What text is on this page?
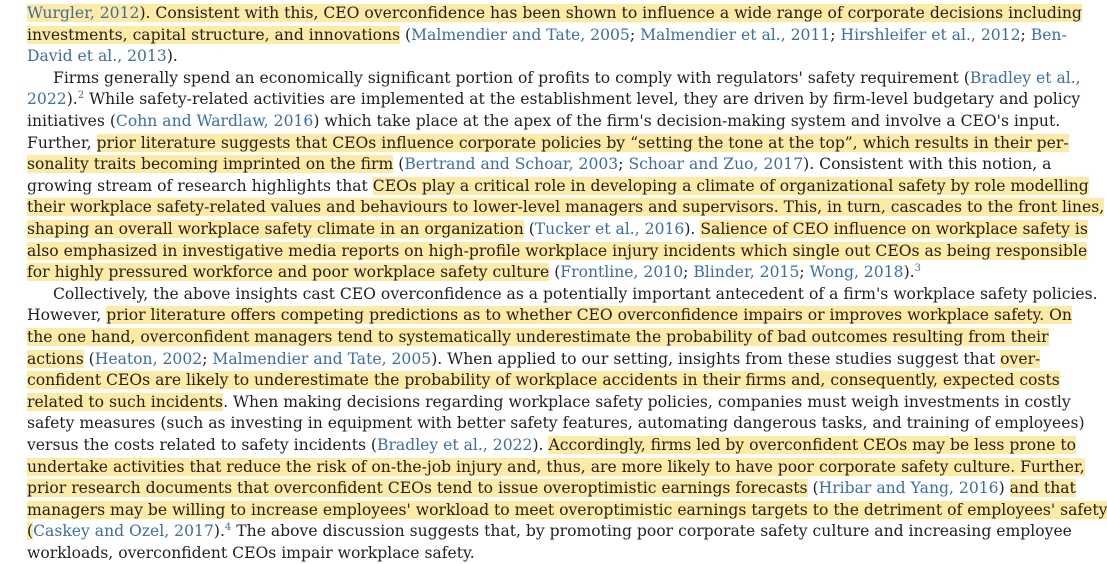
Wurgler, 2012). Consistent with this, CEO overconfidence has been shown to influence a wide range of corporate decisions including
investments, capital structure, and innovations (Malmendier and Tate, 2005; Malmendier et al., 2011; Hirshleifer et al., 2012; Ben-
David et al., 2013).
Firms generally spend an economically significant portion of profits to comply with regulators' safety requirement (Bradley et al.,
2022).$^2$ While safety-related activities are implemented at the establishment level, they are driven by firm-level budgetary and policy
initiatives (Cohn and Wardlaw, 2016) which take place at the apex of the firm's decision-making system and involve a CEO's input.
Further, prior literature suggests that CEOs influence corporate policies by “setting the tone at the top”, which results in their per-
sonality traits becoming imprinted on the firm (Bertrand and Schoar, 2003; Schoar and Zuo, 2017). Consistent with this notion, a
growing stream of research highlights that CEOs play a critical role in developing a climate of organizational safety by role modelling
their workplace safety-related values and behaviours to lower-level managers and supervisors. This, in turn, cascades to the front lines,
shaping an overall workplace safety climate in an organization (Tucker et al., 2016). Salience of CEO influence on workplace safety is
also emphasized in investigative media reports on high-profile workplace injury incidents which single out CEOs as being responsible
for highly pressured workforce and poor workplace safety culture (Frontline, 2010; Blinder, 2015; Wong, 2018).$^3$
Collectively, the above insights cast CEO overconfidence as a potentially important antecedent of a firm's workplace safety policies.
However, prior literature offers competing predictions as to whether CEO overconfidence impairs or improves workplace safety. On
the one hand, overconfident managers tend to systematically underestimate the probability of bad outcomes resulting from their
actions (Heaton, 2002; Malmendier and Tate, 2005). When applied to our setting, insights from these studies suggest that over-
confident CEOs are likely to underestimate the probability of workplace accidents in their firms and, consequently, expected costs
related to such incidents. When making decisions regarding workplace safety policies, companies must weigh investments in costly
safety measures (such as investing in equipment with better safety features, automating dangerous tasks, and training of employees)
versus the costs related to safety incidents (Bradley et al., 2022). Accordingly, firms led by overconfident CEOs may be less prone to
undertake activities that reduce the risk of on-the-job injury and, thus, are more likely to have poor corporate safety culture. Further,
prior research documents that overconfident CEOs tend to issue overoptimistic earnings forecasts (Hribar and Yang, 2016) and that
managers may be willing to increase employees' workload to meet overoptimistic earnings targets to the detriment of employees' safety
(Caskey and Ozel, 2017).$^4$ The above discussion suggests that, by promoting poor corporate safety culture and increasing employee
workloads, overconfident CEOs impair workplace safety.
